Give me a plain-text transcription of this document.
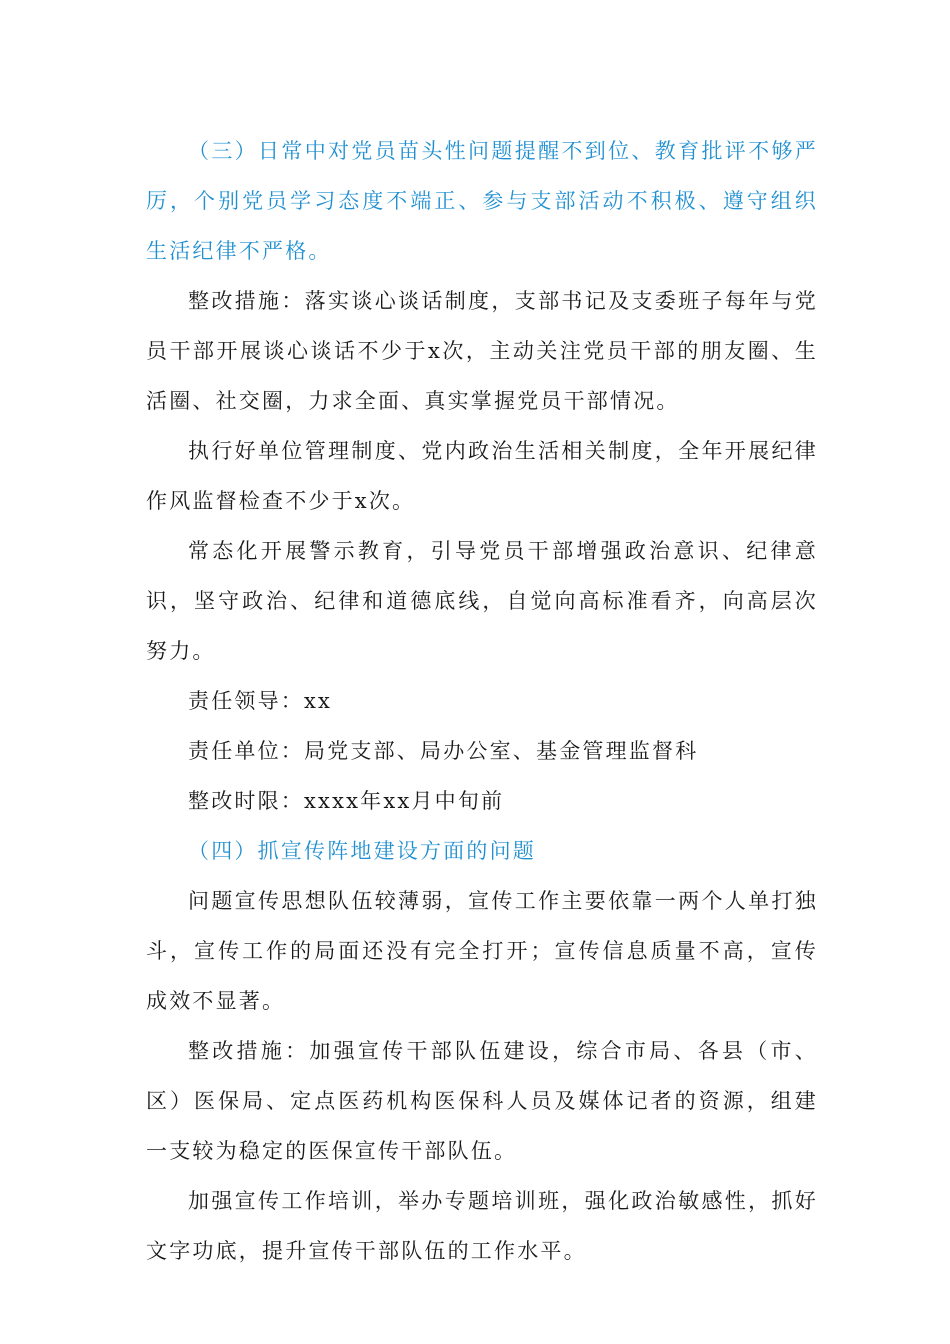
（三）日常中对党员苗头性问题提醒不到位、教育批评不够严厉，个别党员学习态度不端正、参与支部活动不积极、遵守组织生活纪律不严格。

整改措施：落实谈心谈话制度，支部书记及支委班子每年与党员干部开展谈心谈话不少于x次，主动关注党员干部的朋友圈、生活圈、社交圈，力求全面、真实掌握党员干部情况。

执行好单位管理制度、党内政治生活相关制度，全年开展纪律作风监督检查不少于x次。

常态化开展警示教育，引导党员干部增强政治意识、纪律意识，坚守政治、纪律和道德底线，自觉向高标准看齐，向高层次努力。

责任领导：xx

责任单位：局党支部、局办公室、基金管理监督科

整改时限：xxxx年xx月中旬前

（四）抓宣传阵地建设方面的问题

问题宣传思想队伍较薄弱，宣传工作主要依靠一两个人单打独斗，宣传工作的局面还没有完全打开；宣传信息质量不高，宣传成效不显著。

整改措施：加强宣传干部队伍建设，综合市局、各县（市、区）医保局、定点医药机构医保科人员及媒体记者的资源，组建一支较为稳定的医保宣传干部队伍。

加强宣传工作培训，举办专题培训班，强化政治敏感性，抓好文字功底，提升宣传干部队伍的工作水平。
